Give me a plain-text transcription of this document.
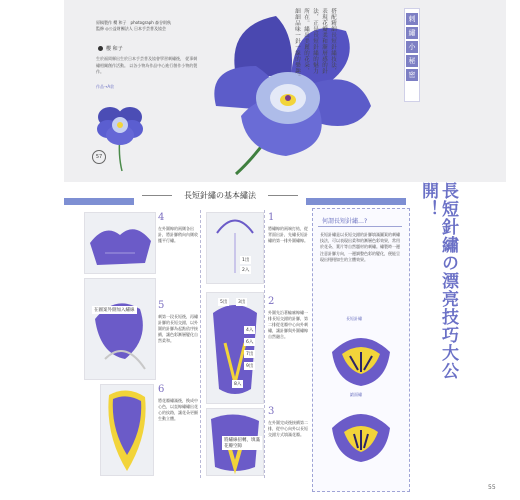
原稿製作 櫻 和子　photograph 森谷則秋
監修 ◎公益財團法人 日本手芸普及協会
櫻 和子
生於福岡縣出生於日本手芸普及協會學習刺繡後， 從事刺繡相關創作活動。 以各小物為作品中心進行創作小物的製作。
作品→A款
57
搭配精細長短針繡技法，
表現花瓣柔和漸層感的針
法，正是長短針繡的魅力
所在。繡出美麗的花朵，
細細品味一針一線的樂趣。	刺
繡
小
秘
密
長短針繡の基本繡法
在圖案外側加入繡線
4
在外圍線的兩側各出針，將針腳稍向內側收攏平行繡。
5
刺第一段長短後，再繡針腳的長短交錯，以外圍的針腳為起點依序接續，讓色彩漸層變化自然柔和。
6
將花瓣繡滿後，換成中心色，以直線繡繡出花心的紋路，讓花朵更顯生動立體。
1出
2入
5出	3出
4入
6入
7出
9出
8入
將繡線扭轉，填滿花瓣空隙
1
將繡線的兩端打結，從背面出針，先繡長短針繡的第一排外圍繡線。
2
外圍先沿著輪廓線繡一排長短交錯的針腳，第二排從花瓣中心向外刺繡，讓針腳與外圍繡線自然融合。
3
在外圍完成後接續第二排，從中心向外以長短交錯方式填滿花瓣。
何謂長短針繡…?
長短針繡是以長短交錯的針腳填滿圖案的刺繡技法，可以表現出柔和的漸層色彩效果，常用於花朵、葉片等自然題材的刺繡。繡製時一邊注意針腳方向，一邊調整色彩的變化，便能呈現出栩栩如生的立體效果。
長短針繡
緞面繡
長短針繡の漂亮技巧大公開！
55
